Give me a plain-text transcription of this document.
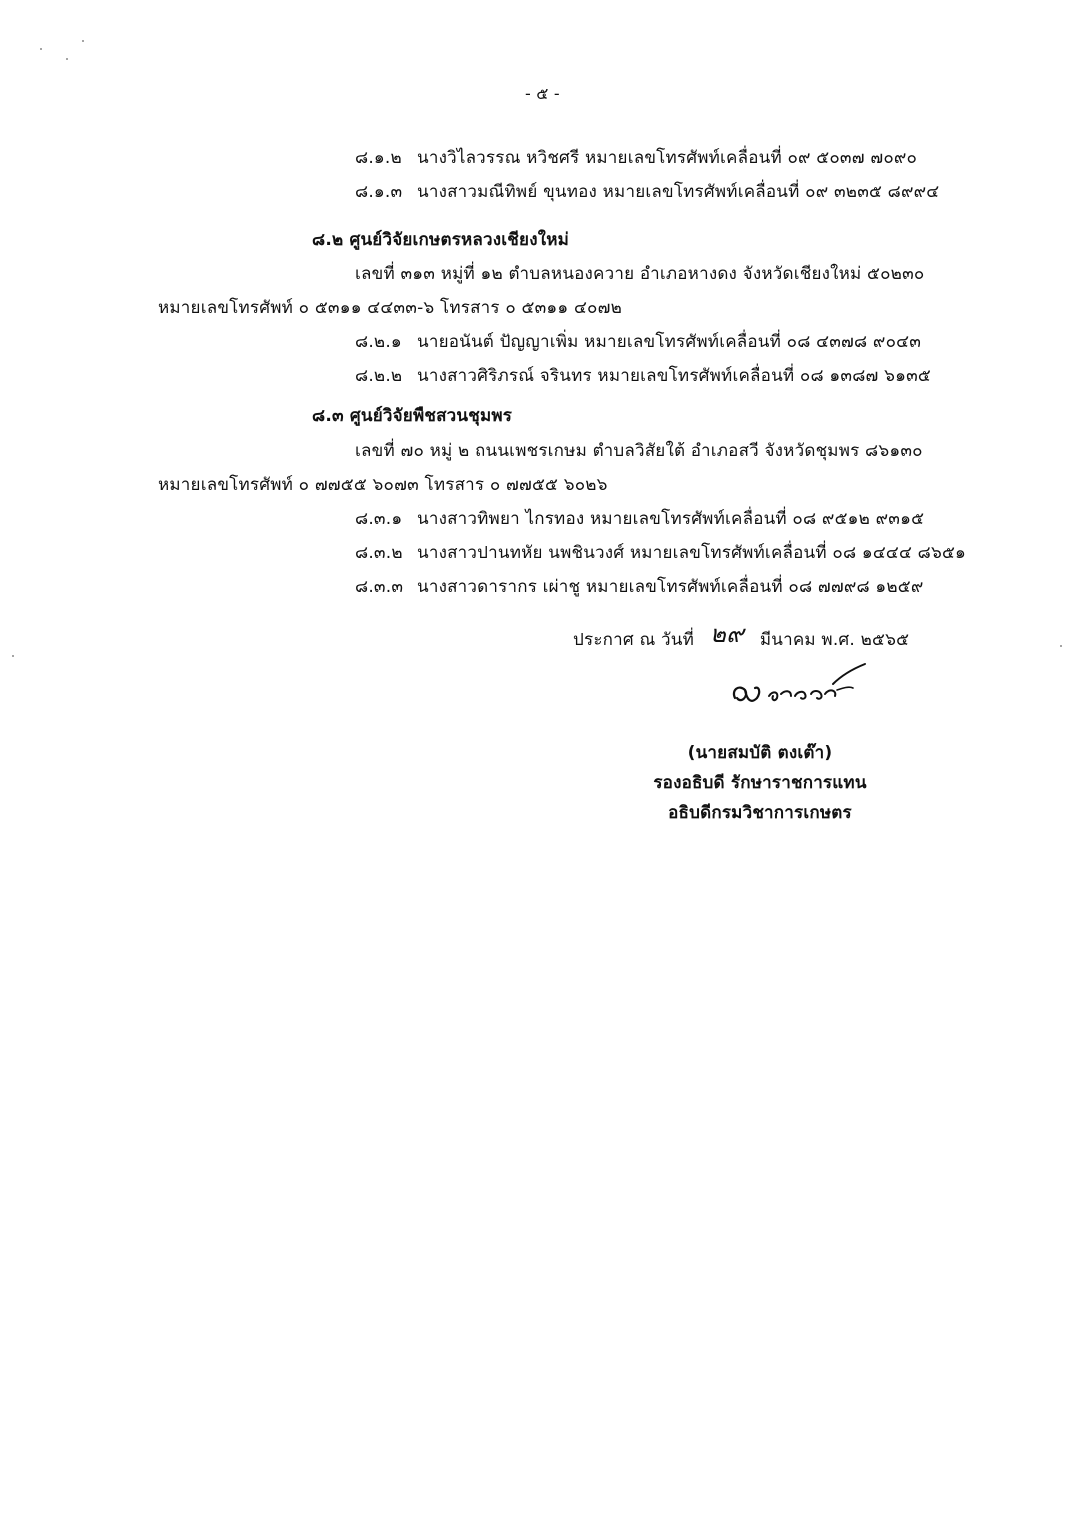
- ๕ -
๘.๑.๒ นางวิไลวรรณ หวิชศรี หมายเลขโทรศัพท์เคลื่อนที่ ๐๙ ๕๐๓๗ ๗๐๙๐
๘.๑.๓ นางสาวมณีทิพย์ ขุนทอง หมายเลขโทรศัพท์เคลื่อนที่ ๐๙ ๓๒๓๕ ๘๙๙๔
๘.๒ ศูนย์วิจัยเกษตรหลวงเชียงใหม่
เลขที่ ๓๑๓ หมู่ที่ ๑๒ ตำบลหนองควาย อำเภอหางดง จังหวัดเชียงใหม่ ๕๐๒๓๐
หมายเลขโทรศัพท์ ๐ ๕๓๑๑ ๔๔๓๓-๖ โทรสาร ๐ ๕๓๑๑ ๔๐๗๒
๘.๒.๑ นายอนันต์ ปัญญาเพิ่ม หมายเลขโทรศัพท์เคลื่อนที่ ๐๘ ๔๓๗๘ ๙๐๔๓
๘.๒.๒ นางสาวศิริภรณ์ จรินทร หมายเลขโทรศัพท์เคลื่อนที่ ๐๘ ๑๓๘๗ ๖๑๓๕
๘.๓ ศูนย์วิจัยพืชสวนชุมพร
เลขที่ ๗๐ หมู่ ๒ ถนนเพชรเกษม ตำบลวิสัยใต้ อำเภอสวี จังหวัดชุมพร ๘๖๑๓๐
หมายเลขโทรศัพท์ ๐ ๗๗๕๕ ๖๐๗๓ โทรสาร ๐ ๗๗๕๕ ๖๐๒๖
๘.๓.๑ นางสาวทิพยา ไกรทอง หมายเลขโทรศัพท์เคลื่อนที่ ๐๘ ๙๕๑๒ ๙๓๑๕
๘.๓.๒ นางสาวปานทหัย นพชินวงศ์ หมายเลขโทรศัพท์เคลื่อนที่ ๐๘ ๑๔๔๔ ๘๖๕๑
๘.๓.๓ นางสาวดารากร เผ่าชู หมายเลขโทรศัพท์เคลื่อนที่ ๐๘ ๗๗๙๘ ๑๒๕๙
ประกาศ ณ วันที่ ๒๙ มีนาคม พ.ศ. ๒๕๖๕
(นายสมบัติ ตงเต๊า)
รองอธิบดี รักษาราชการแทน
อธิบดีกรมวิชาการเกษตร
